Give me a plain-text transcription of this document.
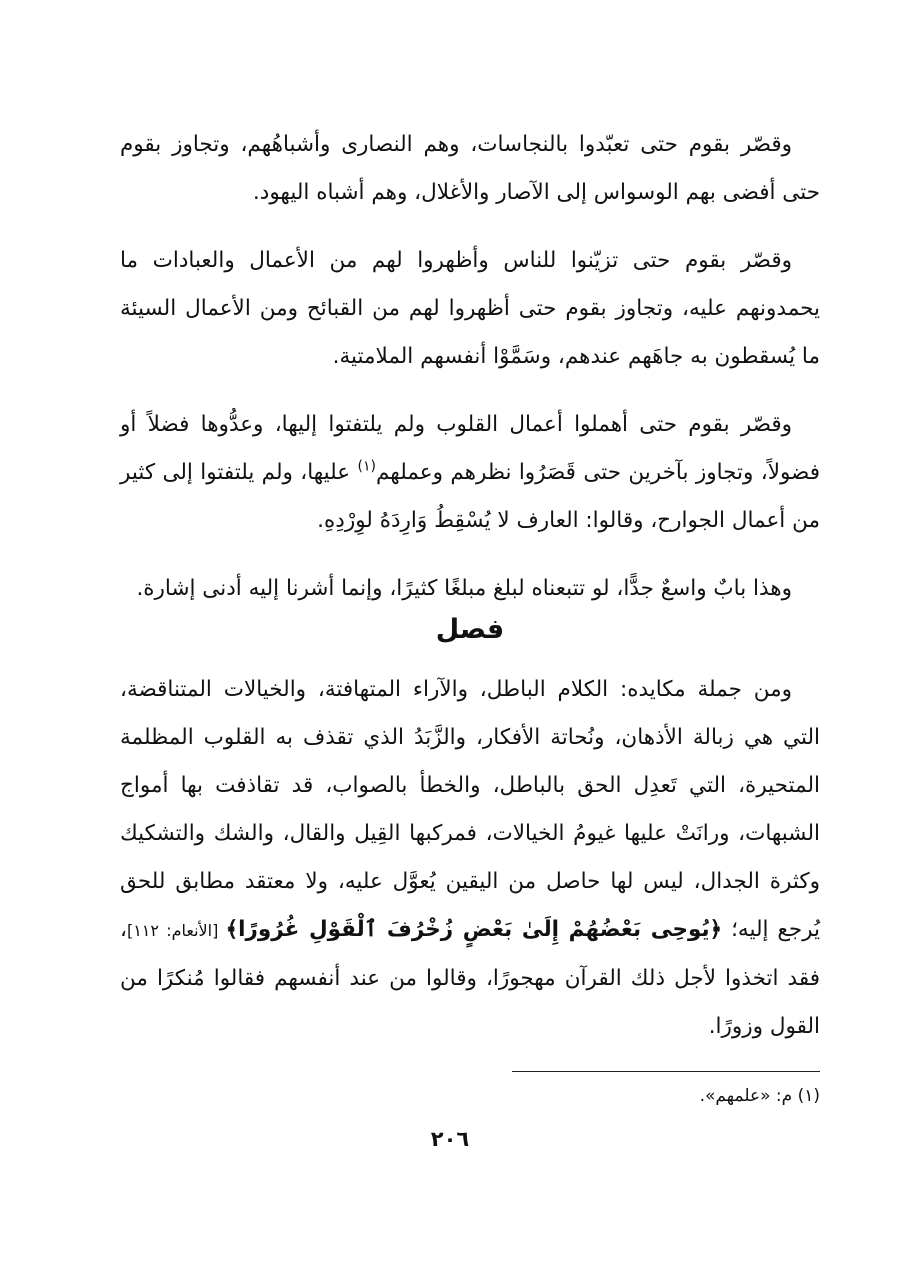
وقصّر بقوم حتى تعبّدوا بالنجاسات، وهم النصارى وأشباهُهم، وتجاوز بقوم حتى أفضى بهم الوسواس إلى الآصار والأغلال، وهم أشباه اليهود.

وقصّر بقوم حتى تزيّنوا للناس وأظهروا لهم من الأعمال والعبادات ما يحمدونهم عليه، وتجاوز بقوم حتى أظهروا لهم من القبائح ومن الأعمال السيئة ما يُسقطون به جاهَهم عندهم، وسَمَّوْا أنفسهم الملامتية.

وقصّر بقوم حتى أهملوا أعمال القلوب ولم يلتفتوا إليها، وعدُّوها فضلاً أو فضولاً، وتجاوز بآخرين حتى قَصَرُوا نظرهم وعملهم$^{(١)}$ عليها، ولم يلتفتوا إلى كثير من أعمال الجوارح، وقالوا: العارف لا يُسْقِطُ وَارِدَهُ لوِرْدِهِ.

وهذا بابٌ واسعٌ جدًّا، لو تتبعناه لبلغ مبلغًا كثيرًا، وإنما أشرنا إليه أدنى إشارة.

فصل

ومن جملة مكايده: الكلام الباطل، والآراء المتهافتة، والخيالات المتناقضة، التي هي زبالة الأذهان، ونُحاتة الأفكار، والزَّبَدُ الذي تقذف به القلوب المظلمة المتحيرة، التي تَعدِل الحق بالباطل، والخطأ بالصواب، قد تقاذفت بها أمواج الشبهات، ورانَتْ عليها غيومُ الخيالات، فمركبها القِيل والقال، والشك والتشكيك وكثرة الجدال، ليس لها حاصل من اليقين يُعوَّل عليه، ولا معتقد مطابق للحق يُرجع إليه؛ ﴿يُوحِى بَعْضُهُمْ إِلَىٰ بَعْضٍ زُخْرُفَ ٱلْقَوْلِ غُرُورًا﴾ [الأنعام: ١١٢]، فقد اتخذوا لأجل ذلك القرآن مهجورًا، وقالوا من عند أنفسهم فقالوا مُنكرًا من القول وزورًا.

(١) م: «علمهم».
٢٠٦
